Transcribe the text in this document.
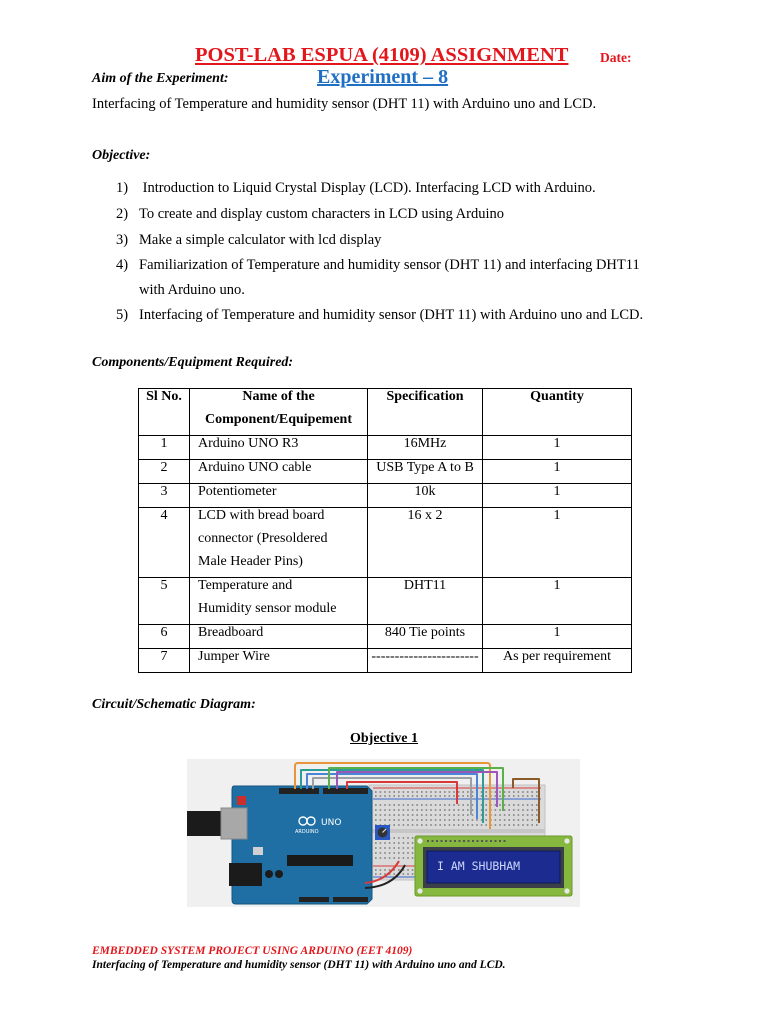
POST-LAB ESPUA (4109) ASSIGNMENT Date:
Aim of the Experiment:	Experiment – 8
Interfacing of Temperature and humidity sensor (DHT 11) with Arduino uno and LCD.
Objective:
1) Introduction to Liquid Crystal Display (LCD). Interfacing LCD with Arduino.
2) To create and display custom characters in LCD using Arduino
3) Make a simple calculator with lcd display
4) Familiarization of Temperature and humidity sensor (DHT 11) and interfacing DHT11
with Arduino uno.
5) Interfacing of Temperature and humidity sensor (DHT 11) with Arduino uno and LCD.
Components/Equipment Required:
Sl No.	Name of the Component/Equipement	Specification	Quantity

1	Arduino UNO R3	16MHz	1

2	Arduino UNO cable	USB Type A to B	1

3	Potentiometer	10k	1

4	LCD with bread board connector (Presoldered Male Header Pins)	16 x 2	1

5	Temperature and Humidity sensor module	DHT11	1

6	Breadboard	840 Tie points	1

7	Jumper Wire	-----------------------	As per requirement
Circuit/Schematic Diagram:
Objective 1
UNO
ARDUINO
I AM SHUBHAM
EMBEDDED SYSTEM PROJECT USING ARDUINO (EET 4109)
Interfacing of Temperature and humidity sensor (DHT 11) with Arduino uno and LCD.
